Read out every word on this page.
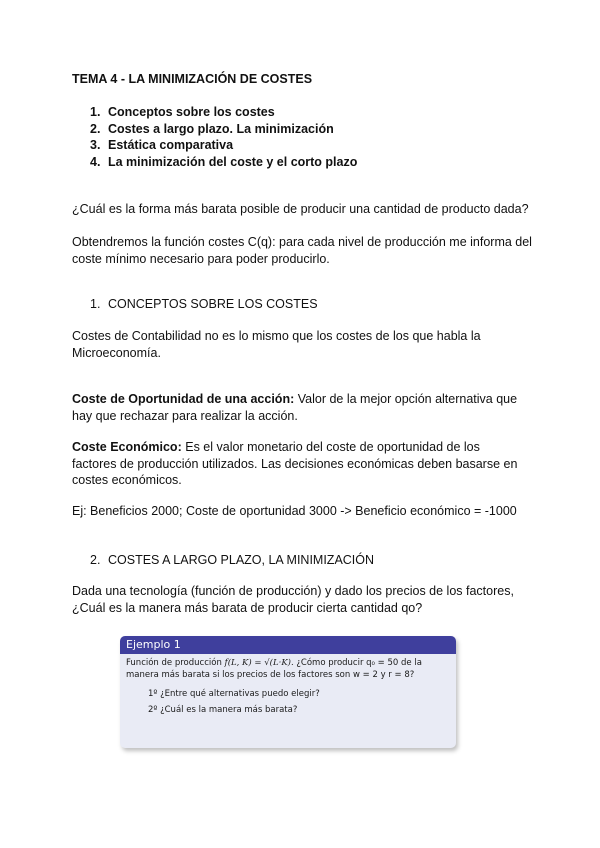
TEMA 4 - LA MINIMIZACIÓN DE COSTES
1. Conceptos sobre los costes
2. Costes a largo plazo. La minimización
3. Estática comparativa
4. La minimización del coste y el corto plazo

¿Cuál es la forma más barata posible de producir una cantidad de producto dada?

Obtendremos la función costes C(q): para cada nivel de producción me informa del coste mínimo necesario para poder producirlo.

1. CONCEPTOS SOBRE LOS COSTES

Costes de Contabilidad no es lo mismo que los costes de los que habla la Microeconomía.

Coste de Oportunidad de una acción: Valor de la mejor opción alternativa que hay que rechazar para realizar la acción.

Coste Económico: Es el valor monetario del coste de oportunidad de los factores de producción utilizados. Las decisiones económicas deben basarse en costes económicos.

Ej: Beneficios 2000; Coste de oportunidad 3000 -> Beneficio económico = -1000

2. COSTES A LARGO PLAZO, LA MINIMIZACIÓN

Dada una tecnología (función de producción) y dado los precios de los factores, ¿Cuál es la manera más barata de producir cierta cantidad qo?

Ejemplo 1
Función de producción f(L, K) = √(L·K). ¿Cómo producir q₀ = 50 de la
manera más barata si los precios de los factores son w = 2 y r = 8?
1º ¿Entre qué alternativas puedo elegir?
2º ¿Cuál es la manera más barata?
